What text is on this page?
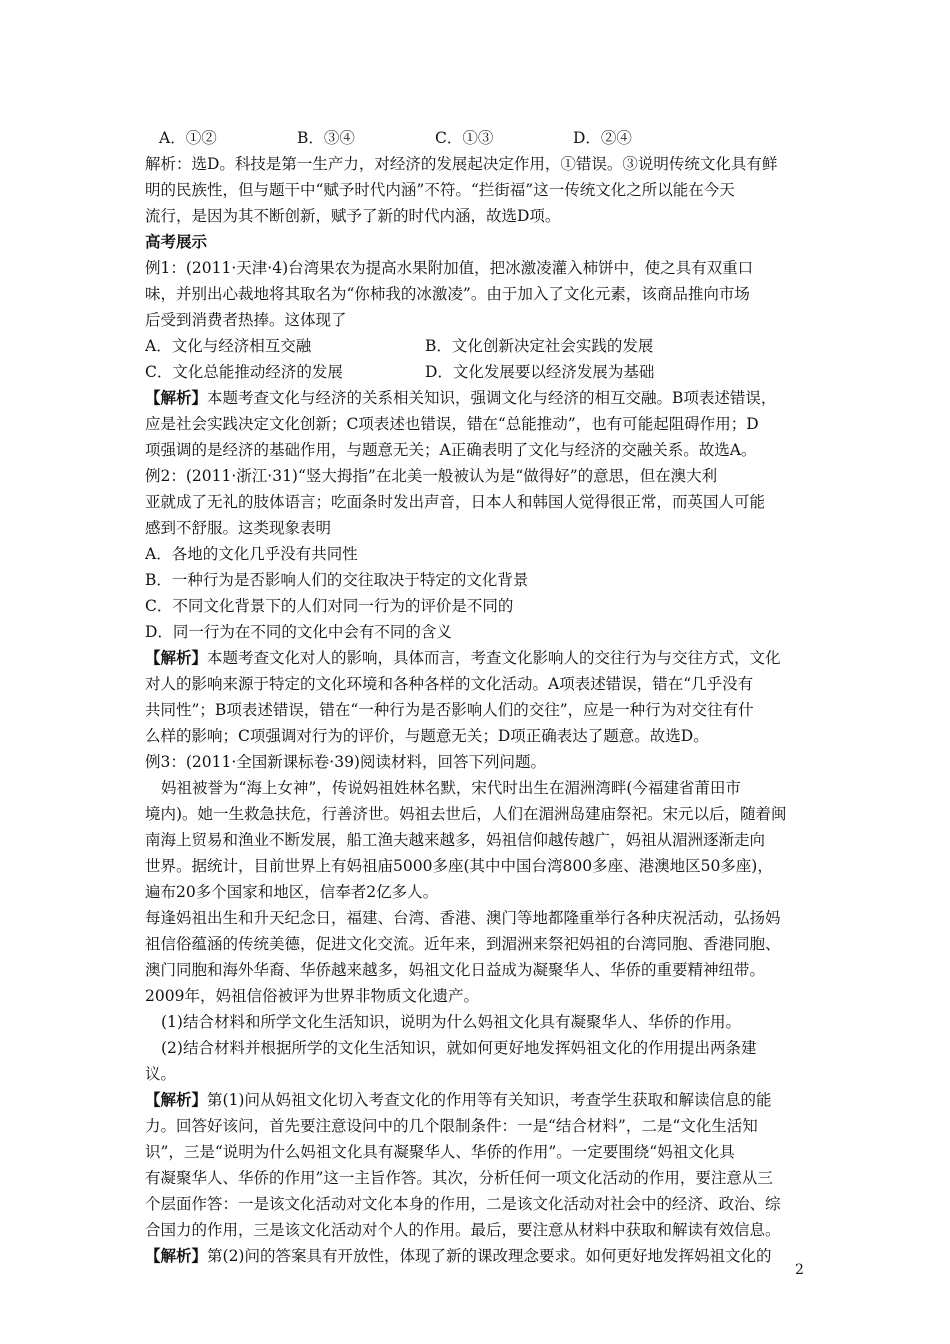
A．①②	B．③④	C．①③	D．②④
解析：选D。科技是第一生产力，对经济的发展起决定作用，①错误。③说明传统文化具有鲜
明的民族性，但与题干中“赋予时代内涵”不符。“拦街福”这一传统文化之所以能在今天
流行，是因为其不断创新，赋予了新的时代内涵，故选D项。
高考展示
例1：(2011·天津·4)台湾果农为提高水果附加值，把冰激凌灌入柿饼中，使之具有双重口
味，并别出心裁地将其取名为“你柿我的冰激凌”。由于加入了文化元素，该商品推向市场
后受到消费者热捧。这体现了
A．文化与经济相互交融	B．文化创新决定社会实践的发展
C．文化总能推动经济的发展	D．文化发展要以经济发展为基础
【解析】本题考查文化与经济的关系相关知识，强调文化与经济的相互交融。B项表述错误，
应是社会实践决定文化创新；C项表述也错误，错在“总能推动”，也有可能起阻碍作用；D
项强调的是经济的基础作用，与题意无关；A正确表明了文化与经济的交融关系。故选A。
例2：(2011·浙江·31)“竖大拇指”在北美一般被认为是“做得好”的意思，但在澳大利
亚就成了无礼的肢体语言；吃面条时发出声音，日本人和韩国人觉得很正常，而英国人可能
感到不舒服。这类现象表明
A．各地的文化几乎没有共同性
B．一种行为是否影响人们的交往取决于特定的文化背景
C．不同文化背景下的人们对同一行为的评价是不同的
D．同一行为在不同的文化中会有不同的含义
【解析】本题考查文化对人的影响，具体而言，考查文化影响人的交往行为与交往方式，文化
对人的影响来源于特定的文化环境和各种各样的文化活动。A项表述错误，错在“几乎没有
共同性”；B项表述错误，错在“一种行为是否影响人们的交往”，应是一种行为对交往有什
么样的影响；C项强调对行为的评价，与题意无关；D项正确表达了题意。故选D。
例3：(2011·全国新课标卷·39)阅读材料，回答下列问题。
妈祖被誉为“海上女神”，传说妈祖姓林名默，宋代时出生在湄洲湾畔(今福建省莆田市
境内)。她一生救急扶危，行善济世。妈祖去世后，人们在湄洲岛建庙祭祀。宋元以后，随着闽
南海上贸易和渔业不断发展，船工渔夫越来越多，妈祖信仰越传越广，妈祖从湄洲逐渐走向
世界。据统计，目前世界上有妈祖庙5000多座(其中中国台湾800多座、港澳地区50多座)，
遍布20多个国家和地区，信奉者2亿多人。
每逢妈祖出生和升天纪念日，福建、台湾、香港、澳门等地都隆重举行各种庆祝活动，弘扬妈
祖信俗蕴涵的传统美德，促进文化交流。近年来，到湄洲来祭祀妈祖的台湾同胞、香港同胞、
澳门同胞和海外华裔、华侨越来越多，妈祖文化日益成为凝聚华人、华侨的重要精神纽带。
2009年，妈祖信俗被评为世界非物质文化遗产。
(1)结合材料和所学文化生活知识，说明为什么妈祖文化具有凝聚华人、华侨的作用。
(2)结合材料并根据所学的文化生活知识，就如何更好地发挥妈祖文化的作用提出两条建
议。
【解析】第(1)问从妈祖文化切入考查文化的作用等有关知识，考查学生获取和解读信息的能
力。回答好该问，首先要注意设问中的几个限制条件：一是“结合材料”，二是“文化生活知
识”，三是“说明为什么妈祖文化具有凝聚华人、华侨的作用”。一定要围绕“妈祖文化具
有凝聚华人、华侨的作用”这一主旨作答。其次，分析任何一项文化活动的作用，要注意从三
个层面作答：一是该文化活动对文化本身的作用，二是该文化活动对社会中的经济、政治、综
合国力的作用，三是该文化活动对个人的作用。最后，要注意从材料中获取和解读有效信息。
【解析】第(2)问的答案具有开放性，体现了新的课改理念要求。如何更好地发挥妈祖文化的
2
